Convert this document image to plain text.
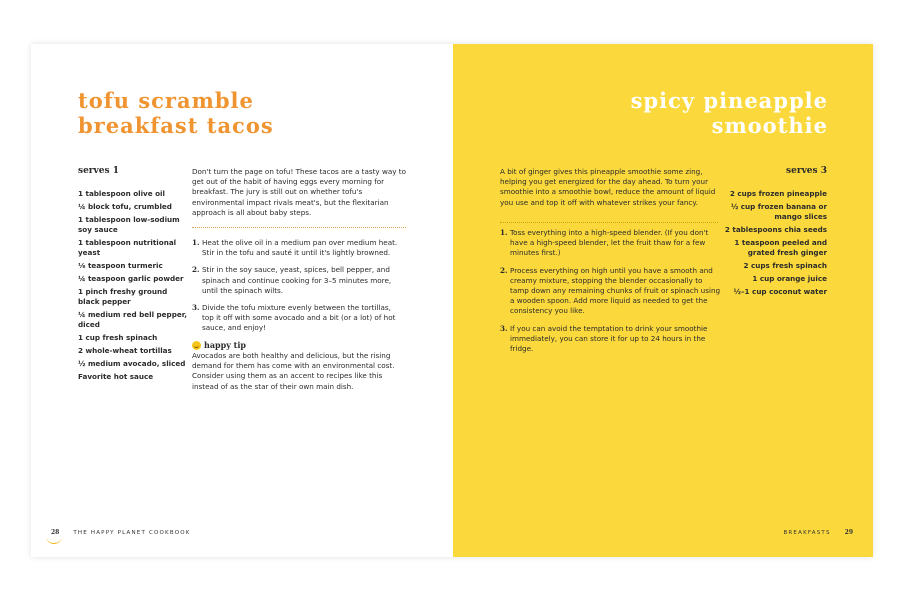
tofu scramble
breakfast tacos
serves 1
1 tablespoon olive oil
¼ block tofu, crumbled
1 tablespoon low-sodium soy sauce
1 tablespoon nutritional yeast
⅛ teaspoon turmeric
¼ teaspoon garlic powder
1 pinch freshy ground black pepper
¼ medium red bell pepper, diced
1 cup fresh spinach
2 whole-wheat tortillas
½ medium avocado, sliced
Favorite hot sauce

Don't turn the page on tofu! These tacos are a tasty way to get out of the habit of having eggs every morning for breakfast. The jury is still out on whether tofu's environmental impact rivals meat's, but the flexitarian approach is all about baby steps.

1. Heat the olive oil in a medium pan over medium heat. Stir in the tofu and sauté it until it's lightly browned.
2. Stir in the soy sauce, yeast, spices, bell pepper, and spinach and continue cooking for 3–5 minutes more, until the spinach wilts.
3. Divide the tofu mixture evenly between the tortillas, top it off with some avocado and a bit (or a lot) of hot sauce, and enjoy!
happy tip

Avocados are both healthy and delicious, but the rising demand for them has come with an environmental cost. Consider using them as an accent to recipes like this instead of as the star of their own main dish.

28	THE HAPPY PLANET COOKBOOK
spicy pineapple
smoothie
serves 3
2 cups frozen pineapple
½ cup frozen banana or mango slices
2 tablespoons chia seeds
1 teaspoon peeled and grated fresh ginger
2 cups fresh spinach
1 cup orange juice
½–1 cup coconut water

A bit of ginger gives this pineapple smoothie some zing, helping you get energized for the day ahead. To turn your smoothie into a smoothie bowl, reduce the amount of liquid you use and top it off with whatever strikes your fancy.

1. Toss everything into a high-speed blender. (If you don't have a high-speed blender, let the fruit thaw for a few minutes first.)
2. Process everything on high until you have a smooth and creamy mixture, stopping the blender occasionally to tamp down any remaining chunks of fruit or spinach using a wooden spoon. Add more liquid as needed to get the consistency you like.
3. If you can avoid the temptation to drink your smoothie immediately, you can store it for up to 24 hours in the fridge.
BREAKFASTS 29
